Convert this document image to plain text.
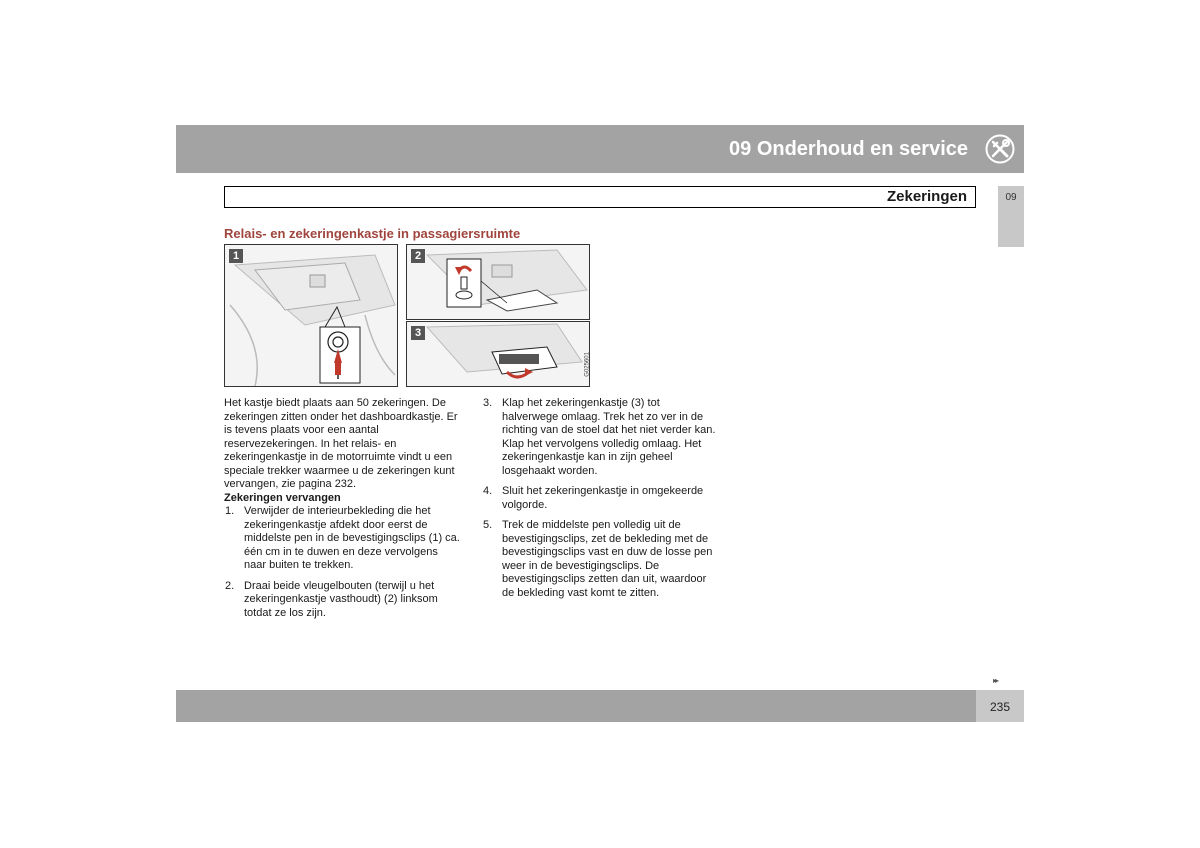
09 Onderhoud en service
Zekeringen	09
Relais- en zekeringenkastje in passagiersruimte
1	2
3
G025601

Het kastje biedt plaats aan 50 zekeringen. De zekeringen zitten onder het dashboardkastje. Er is tevens plaats voor een aantal reservezekeringen. In het relais- en zekeringenkastje in de motorruimte vindt u een speciale trekker waarmee u de zekeringen kunt vervangen, zie pagina 232.

Zekeringen vervangen

1. Verwijder de interieurbekleding die het zekeringenkastje afdekt door eerst de middelste pen in de bevestigingsclips (1) ca. één cm in te duwen en deze vervolgens naar buiten te trekken.
2. Draai beide vleugelbouten (terwijl u het zekeringenkastje vasthoudt) (2) linksom totdat ze los zijn.
3. Klap het zekeringenkastje (3) tot halverwege omlaag. Trek het zo ver in de richting van de stoel dat het niet verder kan. Klap het vervolgens volledig omlaag. Het zekeringenkastje kan in zijn geheel losgehaakt worden.
4. Sluit het zekeringenkastje in omgekeerde volgorde.
5. Trek de middelste pen volledig uit de bevestigingsclips, zet de bekleding met de bevestigingsclips vast en duw de losse pen weer in de bevestigingsclips. De bevestigingsclips zetten dan uit, waardoor de bekleding vast komt te zitten.
▸▸
235
